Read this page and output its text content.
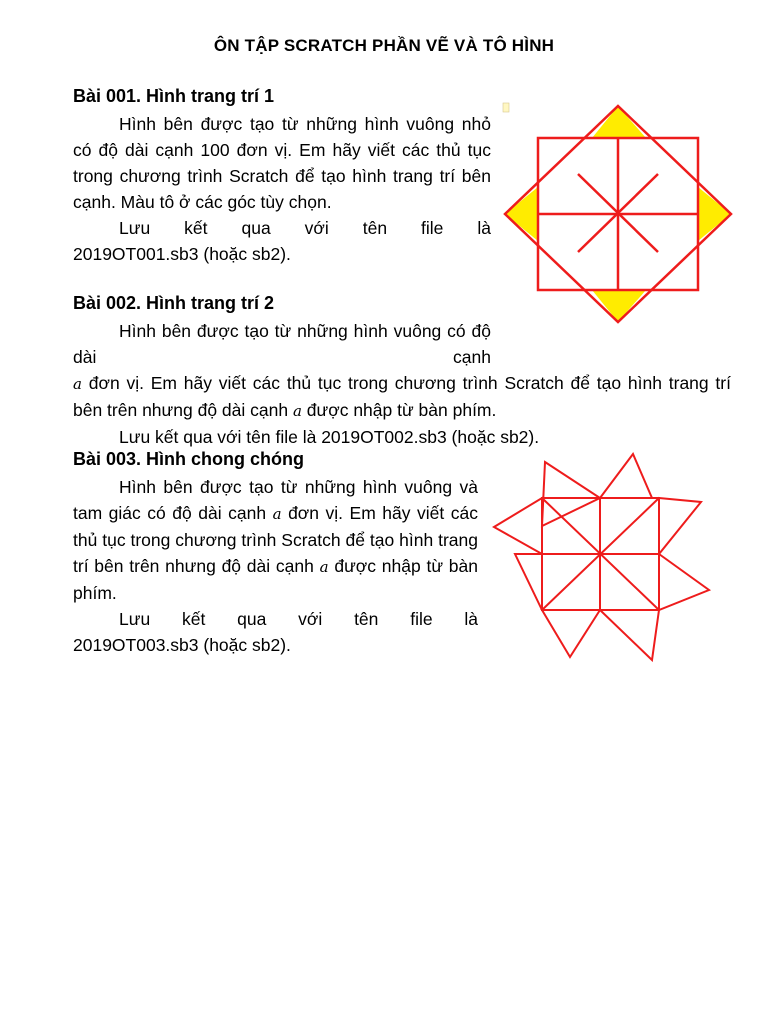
ÔN TẬP SCRATCH PHẦN VẼ VÀ TÔ HÌNH
Bài 001. Hình trang trí 1

Hình bên được tạo từ những hình vuông nhỏ có độ dài cạnh 100 đơn vị. Em hãy viết các thủ tục trong chương trình Scratch để tạo hình trang trí bên cạnh. Màu tô ở các góc tùy chọn.

Lưu kết qua với tên file là

2019OT001.sb3 (hoặc sb2).

Bài 002. Hình trang trí 2

Hình bên được tạo từ những hình vuông có độ dài cạnh

a đơn vị. Em hãy viết các thủ tục trong chương trình Scratch để tạo hình trang trí bên trên nhưng độ dài cạnh a được nhập từ bàn phím.

Lưu kết qua với tên file là 2019OT002.sb3 (hoặc sb2).

Bài 003. Hình chong chóng

Hình bên được tạo từ những hình vuông và tam giác có độ dài cạnh a đơn vị. Em hãy viết các thủ tục trong chương trình Scratch để tạo hình trang trí bên trên nhưng độ dài cạnh a được nhập từ bàn phím.

Lưu kết qua với tên file là

2019OT003.sb3 (hoặc sb2).
